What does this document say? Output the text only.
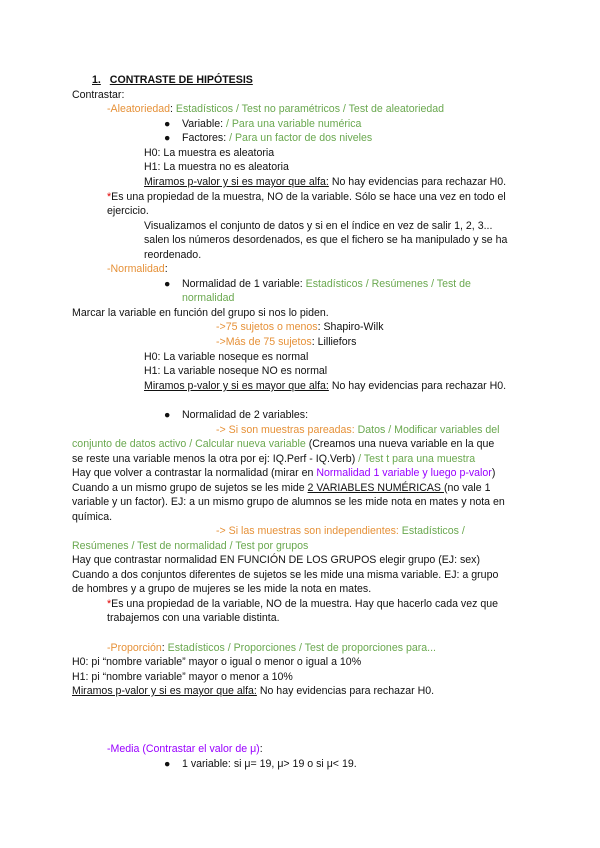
1. CONTRASTE DE HIPÓTESIS
Contrastar:
-Aleatoriedad: Estadísticos / Test no paramétricos / Test de aleatoriedad
● Variable: / Para una variable numérica
● Factores: / Para un factor de dos niveles
H0: La muestra es aleatoria
H1: La muestra no es aleatoria
Miramos p-valor y si es mayor que alfa: No hay evidencias para rechazar H0.
*Es una propiedad de la muestra, NO de la variable. Sólo se hace una vez en todo el
ejercicio.
Visualizamos el conjunto de datos y si en el índice en vez de salir 1, 2, 3...
salen los números desordenados, es que el fichero se ha manipulado y se ha
reordenado.
-Normalidad:
● Normalidad de 1 variable: Estadísticos / Resúmenes / Test de
normalidad
Marcar la variable en función del grupo si nos lo piden.
->75 sujetos o menos: Shapiro-Wilk
->Más de 75 sujetos: Lilliefors
H0: La variable noseque es normal
H1: La variable noseque NO es normal
Miramos p-valor y si es mayor que alfa: No hay evidencias para rechazar H0.
● Normalidad de 2 variables:
-> Si son muestras pareadas: Datos / Modificar variables del
conjunto de datos activo / Calcular nueva variable (Creamos una nueva variable en la que
se reste una variable menos la otra por ej: IQ.Perf - IQ.Verb) / Test t para una muestra
Hay que volver a contrastar la normalidad (mirar en Normalidad 1 variable y luego p-valor)
Cuando a un mismo grupo de sujetos se les mide 2 VARIABLES NUMÉRICAS (no vale 1
variable y un factor). EJ: a un mismo grupo de alumnos se les mide nota en mates y nota en
química.
-> Si las muestras son independientes: Estadísticos /
Resúmenes / Test de normalidad / Test por grupos
Hay que contrastar normalidad EN FUNCIÓN DE LOS GRUPOS elegir grupo (EJ: sex)
Cuando a dos conjuntos diferentes de sujetos se les mide una misma variable. EJ: a grupo
de hombres y a grupo de mujeres se les mide la nota en mates.
*Es una propiedad de la variable, NO de la muestra. Hay que hacerlo cada vez que
trabajemos con una variable distinta.
-Proporción: Estadísticos / Proporciones / Test de proporciones para...
H0: pi “nombre variable” mayor o igual o menor o igual a 10%
H1: pi “nombre variable” mayor o menor a 10%
Miramos p-valor y si es mayor que alfa: No hay evidencias para rechazar H0.
-Media (Contrastar el valor de μ):
● 1 variable: si μ= 19, μ> 19 o si μ< 19.
